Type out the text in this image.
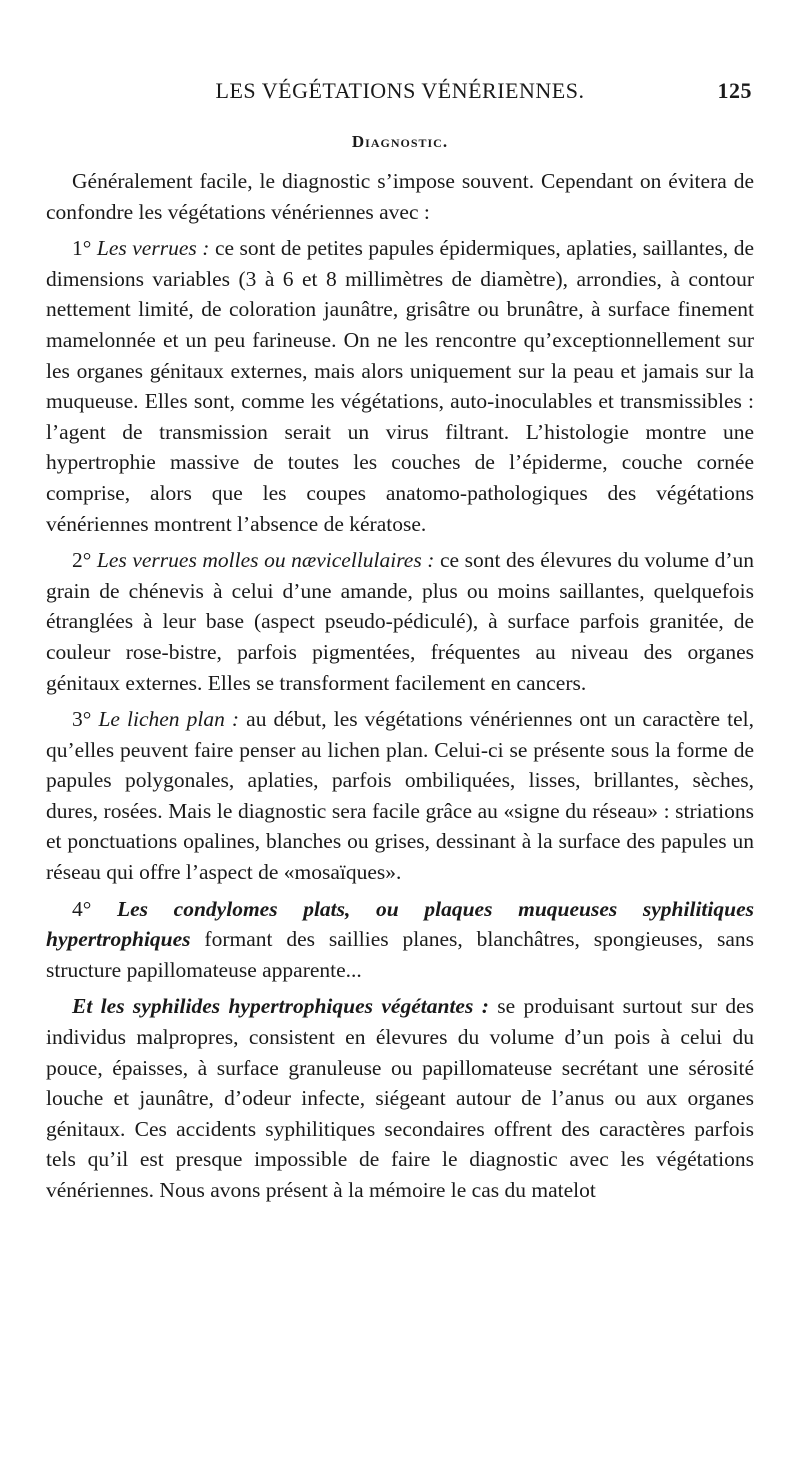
LES VÉGÉTATIONS VÉNÉRIENNES.	125
Diagnostic.

Généralement facile, le diagnostic s’impose souvent. Cependant on évitera de confondre les végétations vénériennes avec :

1° Les verrues : ce sont de petites papules épidermiques, aplaties, saillantes, de dimensions variables (3 à 6 et 8 millimètres de diamètre), arrondies, à contour nettement limité, de coloration jaunâtre, grisâtre ou brunâtre, à surface finement mamelonnée et un peu farineuse. On ne les rencontre qu’exceptionnellement sur les organes génitaux externes, mais alors uniquement sur la peau et jamais sur la muqueuse. Elles sont, comme les végétations, auto-inoculables et transmissibles : l’agent de transmission serait un virus filtrant. L’histologie montre une hypertrophie massive de toutes les couches de l’épiderme, couche cornée comprise, alors que les coupes anatomo-pathologiques des végétations vénériennes montrent l’absence de kératose.

2° Les verrues molles ou nævicellulaires : ce sont des élevures du volume d’un grain de chénevis à celui d’une amande, plus ou moins saillantes, quelquefois étranglées à leur base (aspect pseudo-pédiculé), à surface parfois granitée, de couleur rose-bistre, parfois pigmentées, fréquentes au niveau des organes génitaux externes. Elles se transforment facilement en cancers.

3° Le lichen plan : au début, les végétations vénériennes ont un caractère tel, qu’elles peuvent faire penser au lichen plan. Celui-ci se présente sous la forme de papules polygonales, aplaties, parfois ombiliquées, lisses, brillantes, sèches, dures, rosées. Mais le diagnostic sera facile grâce au «signe du réseau» : striations et ponctuations opalines, blanches ou grises, dessinant à la surface des papules un réseau qui offre l’aspect de «mosaïques».

4° Les condylomes plats, ou plaques muqueuses syphilitiques hypertrophiques formant des saillies planes, blanchâtres, spongieuses, sans structure papillomateuse apparente...

Et les syphilides hypertrophiques végétantes : se produisant surtout sur des individus malpropres, consistent en élevures du volume d’un pois à celui du pouce, épaisses, à surface granuleuse ou papillomateuse secrétant une sérosité louche et jaunâtre, d’odeur infecte, siégeant autour de l’anus ou aux organes génitaux. Ces accidents syphilitiques secondaires offrent des caractères parfois tels qu’il est presque impossible de faire le diagnostic avec les végétations vénériennes. Nous avons présent à la mémoire le cas du matelot
